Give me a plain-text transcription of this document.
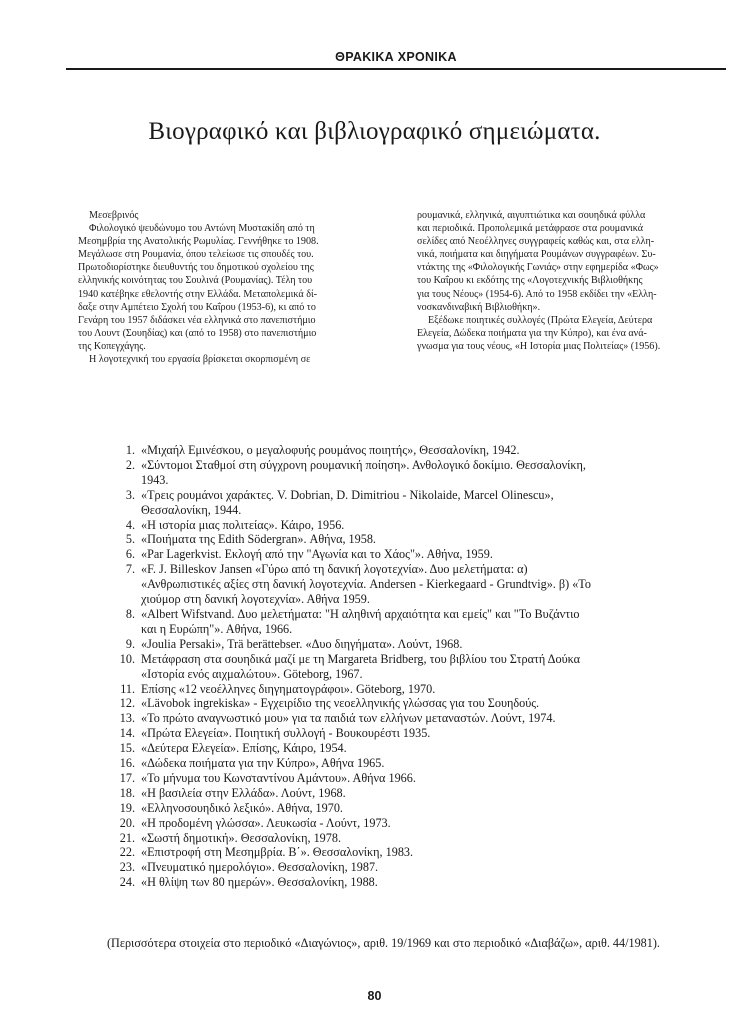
ΘΡΑΚΙΚΑ ΧΡΟΝΙΚΑ
Βιογραφικό και βιβλιογραφικό σημειώματα.

Μεσεβρινός

Φιλολογικό ψευδώνυμο του Αντώνη Μυστακίδη από τη

Μεσημβρία της Ανατολικής Ρωμυλίας. Γεννήθηκε το 1908.

Μεγάλωσε στη Ρουμανία, όπου τελείωσε τις σπουδές του.

Πρωτοδιορίστηκε διευθυντής του δημοτικού σχολείου της

ελληνικής κοινότητας του Σουλινά (Ρουμανίας). Τέλη του

1940 κατέβηκε εθελοντής στην Ελλάδα. Μεταπολεμικά δί-

δαξε στην Αμπέτειο Σχολή του Καΐρου (1953-6), κι από το

Γενάρη του 1957 διδάσκει νέα ελληνικά στο πανεπιστήμιο

του Λουντ (Σουηδίας) και (από το 1958) στο πανεπιστήμιο

της Κοπεγχάγης.

Η λογοτεχνική του εργασία βρίσκεται σκορπισμένη σε

ρουμανικά, ελληνικά, αιγυπτιώτικα και σουηδικά φύλλα

και περιοδικά. Προπολεμικά μετάφρασε στα ρουμανικά

σελίδες από Νεοέλληνες συγγραφείς καθώς και, στα ελλη-

νικά, ποιήματα και διηγήματα Ρουμάνων συγγραφέων. Συ-

ντάκτης της «Φιλολογικής Γωνιάς» στην εφημερίδα «Φως»

του Καΐρου κι εκδότης της «Λογοτεχνικής Βιβλιοθήκης

για τους Νέους» (1954-6). Από το 1958 εκδίδει την «Ελλη-

νοσκανδιναβική Βιβλιοθήκη».

Εξέδωκε ποιητικές συλλογές (Πρώτα Ελεγεία, Δεύτερα

Ελεγεία, Δώδεκα ποιήματα για την Κύπρο), και ένα ανά-

γνωσμα για τους νέους, «Η Ιστορία μιας Πολιτείας» (1956).

1. «Μιχαήλ Εμινέσκου, ο μεγαλοφυής ρουμάνος ποιητής», Θεσσαλονίκη, 1942.
2. «Σύντομοι Σταθμοί στη σύγχρονη ρουμανική ποίηση». Ανθολογικό δοκίμιο. Θεσσαλονίκη,
1943.
3. «Τρεις ρουμάνοι χαράκτες. V. Dobrian, D. Dimitriou - Nikolaide, Marcel Olinescu»,
Θεσσαλονίκη, 1944.
4. «Η ιστορία μιας πολιτείας». Κάιρο, 1956.
5. «Ποιήματα της Edith Södergran». Αθήνα, 1958.
6. «Par Lagerkvist. Εκλογή από την "Αγωνία και το Χάος"». Αθήνα, 1959.
7. «F. J. Billeskov Jansen «Γύρω από τη δανική λογοτεχνία». Δυο μελετήματα: α)
«Ανθρωπιστικές αξίες στη δανική λογοτεχνία. Andersen - Kierkegaard - Grundtvig». β) «Το
χιούμορ στη δανική λογοτεχνία». Αθήνα 1959.
8. «Albert Wifstvand. Δυο μελετήματα: "Η αληθινή αρχαιότητα και εμείς" και "Το Βυζάντιο
και η Ευρώπη"». Αθήνα, 1966.
9. «Joulia Persaki», Trä berättebser. «Δυο διηγήματα». Λούντ, 1968.
10. Μετάφραση στα σουηδικά μαζί με τη Margareta Bridberg, του βιβλίου του Στρατή Δούκα
«Ιστορία ενός αιχμαλώτου». Göteborg, 1967.
11. Επίσης «12 νεοέλληνες διηγηματογράφοι». Göteborg, 1970.
12. «Lävobok ingrekiska» - Εγχειρίδιο της νεοελληνικής γλώσσας για του Σουηδούς.
13. «Το πρώτο αναγνωστικό μου» για τα παιδιά των ελλήνων μεταναστών. Λούντ, 1974.
14. «Πρώτα Ελεγεία». Ποιητική συλλογή - Βουκουρέστι 1935.
15. «Δεύτερα Ελεγεία». Επίσης, Κάιρο, 1954.
16. «Δώδεκα ποιήματα για την Κύπρο», Αθήνα 1965.
17. «Το μήνυμα του Κωνσταντίνου Αμάντου». Αθήνα 1966.
18. «Η βασιλεία στην Ελλάδα». Λούντ, 1968.
19. «Ελληνοσουηδικό λεξικό». Αθήνα, 1970.
20. «Η προδομένη γλώσσα». Λευκωσία - Λούντ, 1973.
21. «Σωστή δημοτική». Θεσσαλονίκη, 1978.
22. «Επιστροφή στη Μεσημβρία. Β΄». Θεσσαλονίκη, 1983.
23. «Πνευματικό ημερολόγιο». Θεσσαλονίκη, 1987.
24. «Η θλίψη των 80 ημερών». Θεσσαλονίκη, 1988.
(Περισσότερα στοιχεία στο περιοδικό «Διαγώνιος», αριθ. 19/1969 και στο περιοδικό «Διαβάζω», αριθ. 44/1981).
80
